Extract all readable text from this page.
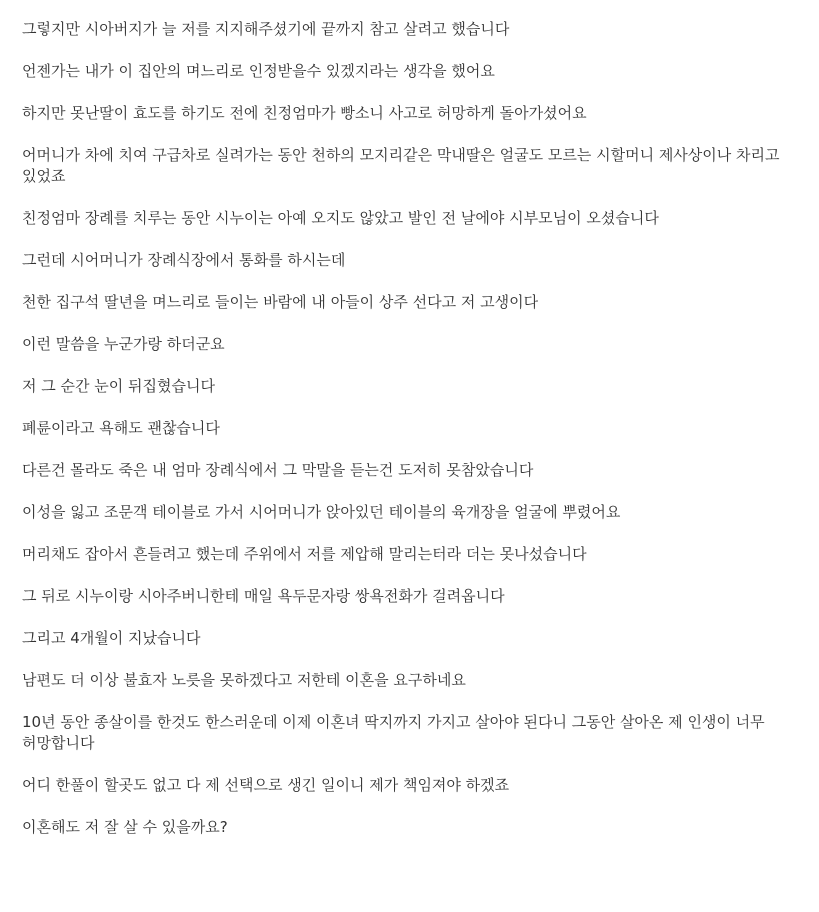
그렇지만 시아버지가 늘 저를 지지해주셨기에 끝까지 참고 살려고 했습니다

언젠가는 내가 이 집안의 며느리로 인정받을수 있겠지라는 생각을 했어요

하지만 못난딸이 효도를 하기도 전에 친정엄마가 빵소니 사고로 허망하게 돌아가셨어요

어머니가 차에 치여 구급차로 실려가는 동안 천하의 모지리같은 막내딸은 얼굴도 모르는 시할머니 제사상이나 차리고 있었죠

친정엄마 장례를 치루는 동안 시누이는 아예 오지도 않았고 발인 전 날에야 시부모님이 오셨습니다

그런데 시어머니가 장례식장에서 통화를 하시는데

천한 집구석 딸년을 며느리로 들이는 바람에 내 아들이 상주 선다고 저 고생이다

이런 말씀을 누군가랑 하더군요

저 그 순간 눈이 뒤집혔습니다

폐륜이라고 욕해도 괜찮습니다

다른건 몰라도 죽은 내 엄마 장례식에서 그 막말을 듣는건 도저히 못참았습니다

이성을 잃고 조문객 테이블로 가서 시어머니가 앉아있던 테이블의 육개장을 얼굴에 뿌렸어요

머리채도 잡아서 흔들려고 했는데 주위에서 저를 제압해 말리는터라 더는 못나섰습니다

그 뒤로 시누이랑 시아주버니한테 매일 욕두문자랑 쌍욕전화가 걸려옵니다

그리고 4개월이 지났습니다

남편도 더 이상 불효자 노릇을 못하겠다고 저한테 이혼을 요구하네요

10년 동안 종살이를 한것도 한스러운데 이제 이혼녀 딱지까지 가지고 살아야 된다니 그동안 살아온 제 인생이 너무 허망합니다

어디 한풀이 할곳도 없고 다 제 선택으로 생긴 일이니 제가 책임져야 하겠죠

이혼해도 저 잘 살 수 있을까요?
